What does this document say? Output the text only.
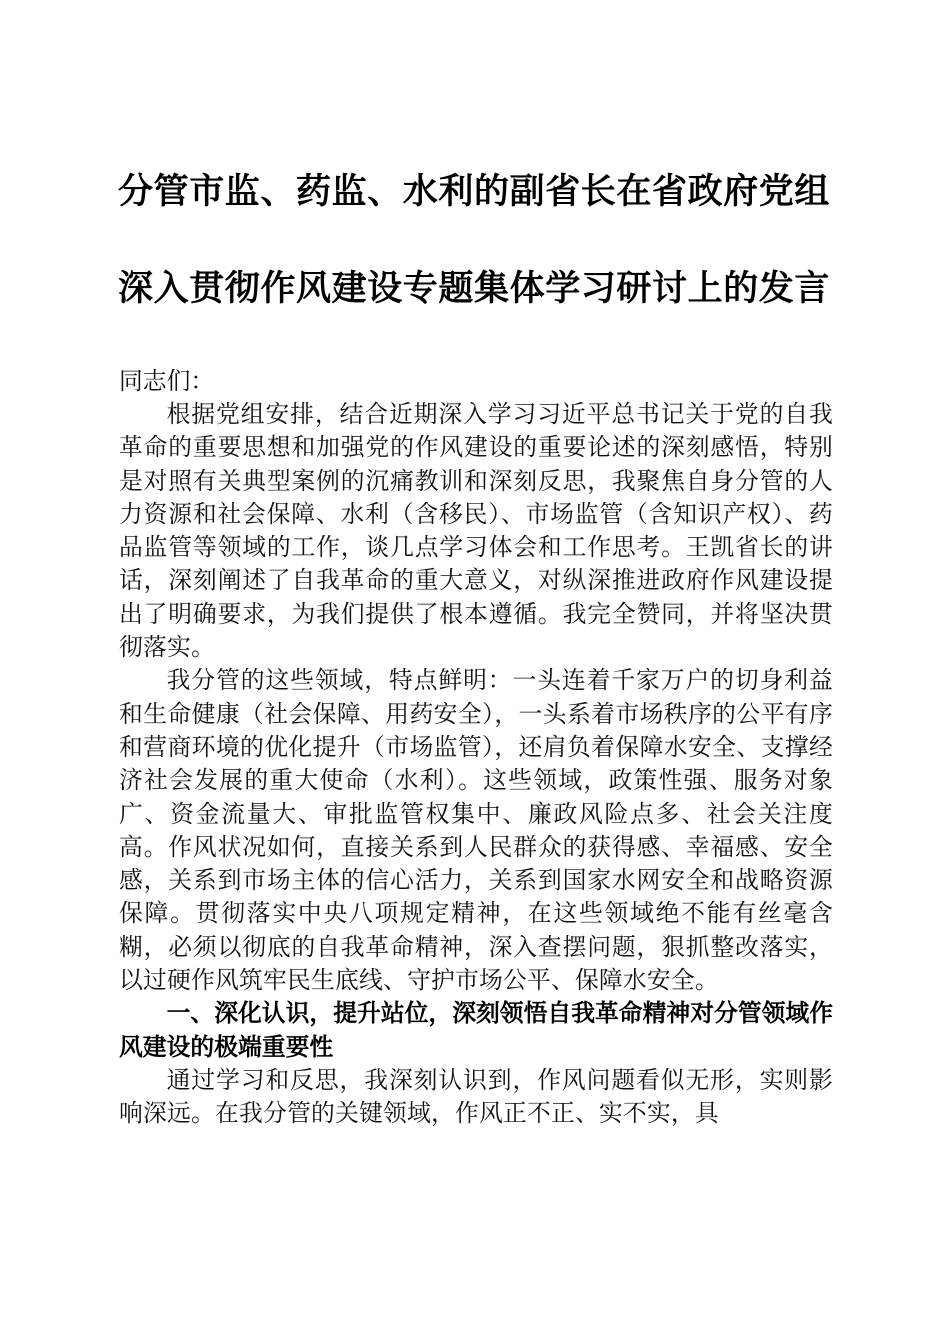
分管市监、药监、水利的副省长在省政府党组
深入贯彻作风建设专题集体学习研讨上的发言
同志们：

根据党组安排，结合近期深入学习习近平总书记关于党的自我革命的重要思想和加强党的作风建设的重要论述的深刻感悟，特别是对照有关典型案例的沉痛教训和深刻反思，我聚焦自身分管的人力资源和社会保障、水利（含移民）、市场监管（含知识产权）、药品监管等领域的工作，谈几点学习体会和工作思考。王凯省长的讲话，深刻阐述了自我革命的重大意义，对纵深推进政府作风建设提出了明确要求，为我们提供了根本遵循。我完全赞同，并将坚决贯彻落实。

我分管的这些领域，特点鲜明：一头连着千家万户的切身利益和生命健康（社会保障、用药安全），一头系着市场秩序的公平有序和营商环境的优化提升（市场监管），还肩负着保障水安全、支撑经济社会发展的重大使命（水利）。这些领域，政策性强、服务对象广、资金流量大、审批监管权集中、廉政风险点多、社会关注度高。作风状况如何，直接关系到人民群众的获得感、幸福感、安全感，关系到市场主体的信心活力，关系到国家水网安全和战略资源保障。贯彻落实中央八项规定精神，在这些领域绝不能有丝毫含糊，必须以彻底的自我革命精神，深入查摆问题，狠抓整改落实，以过硬作风筑牢民生底线、守护市场公平、保障水安全。

一、深化认识，提升站位，深刻领悟自我革命精神对分管领域作风建设的极端重要性

通过学习和反思，我深刻认识到，作风问题看似无形，实则影响深远。在我分管的关键领域，作风正不正、实不实，具
